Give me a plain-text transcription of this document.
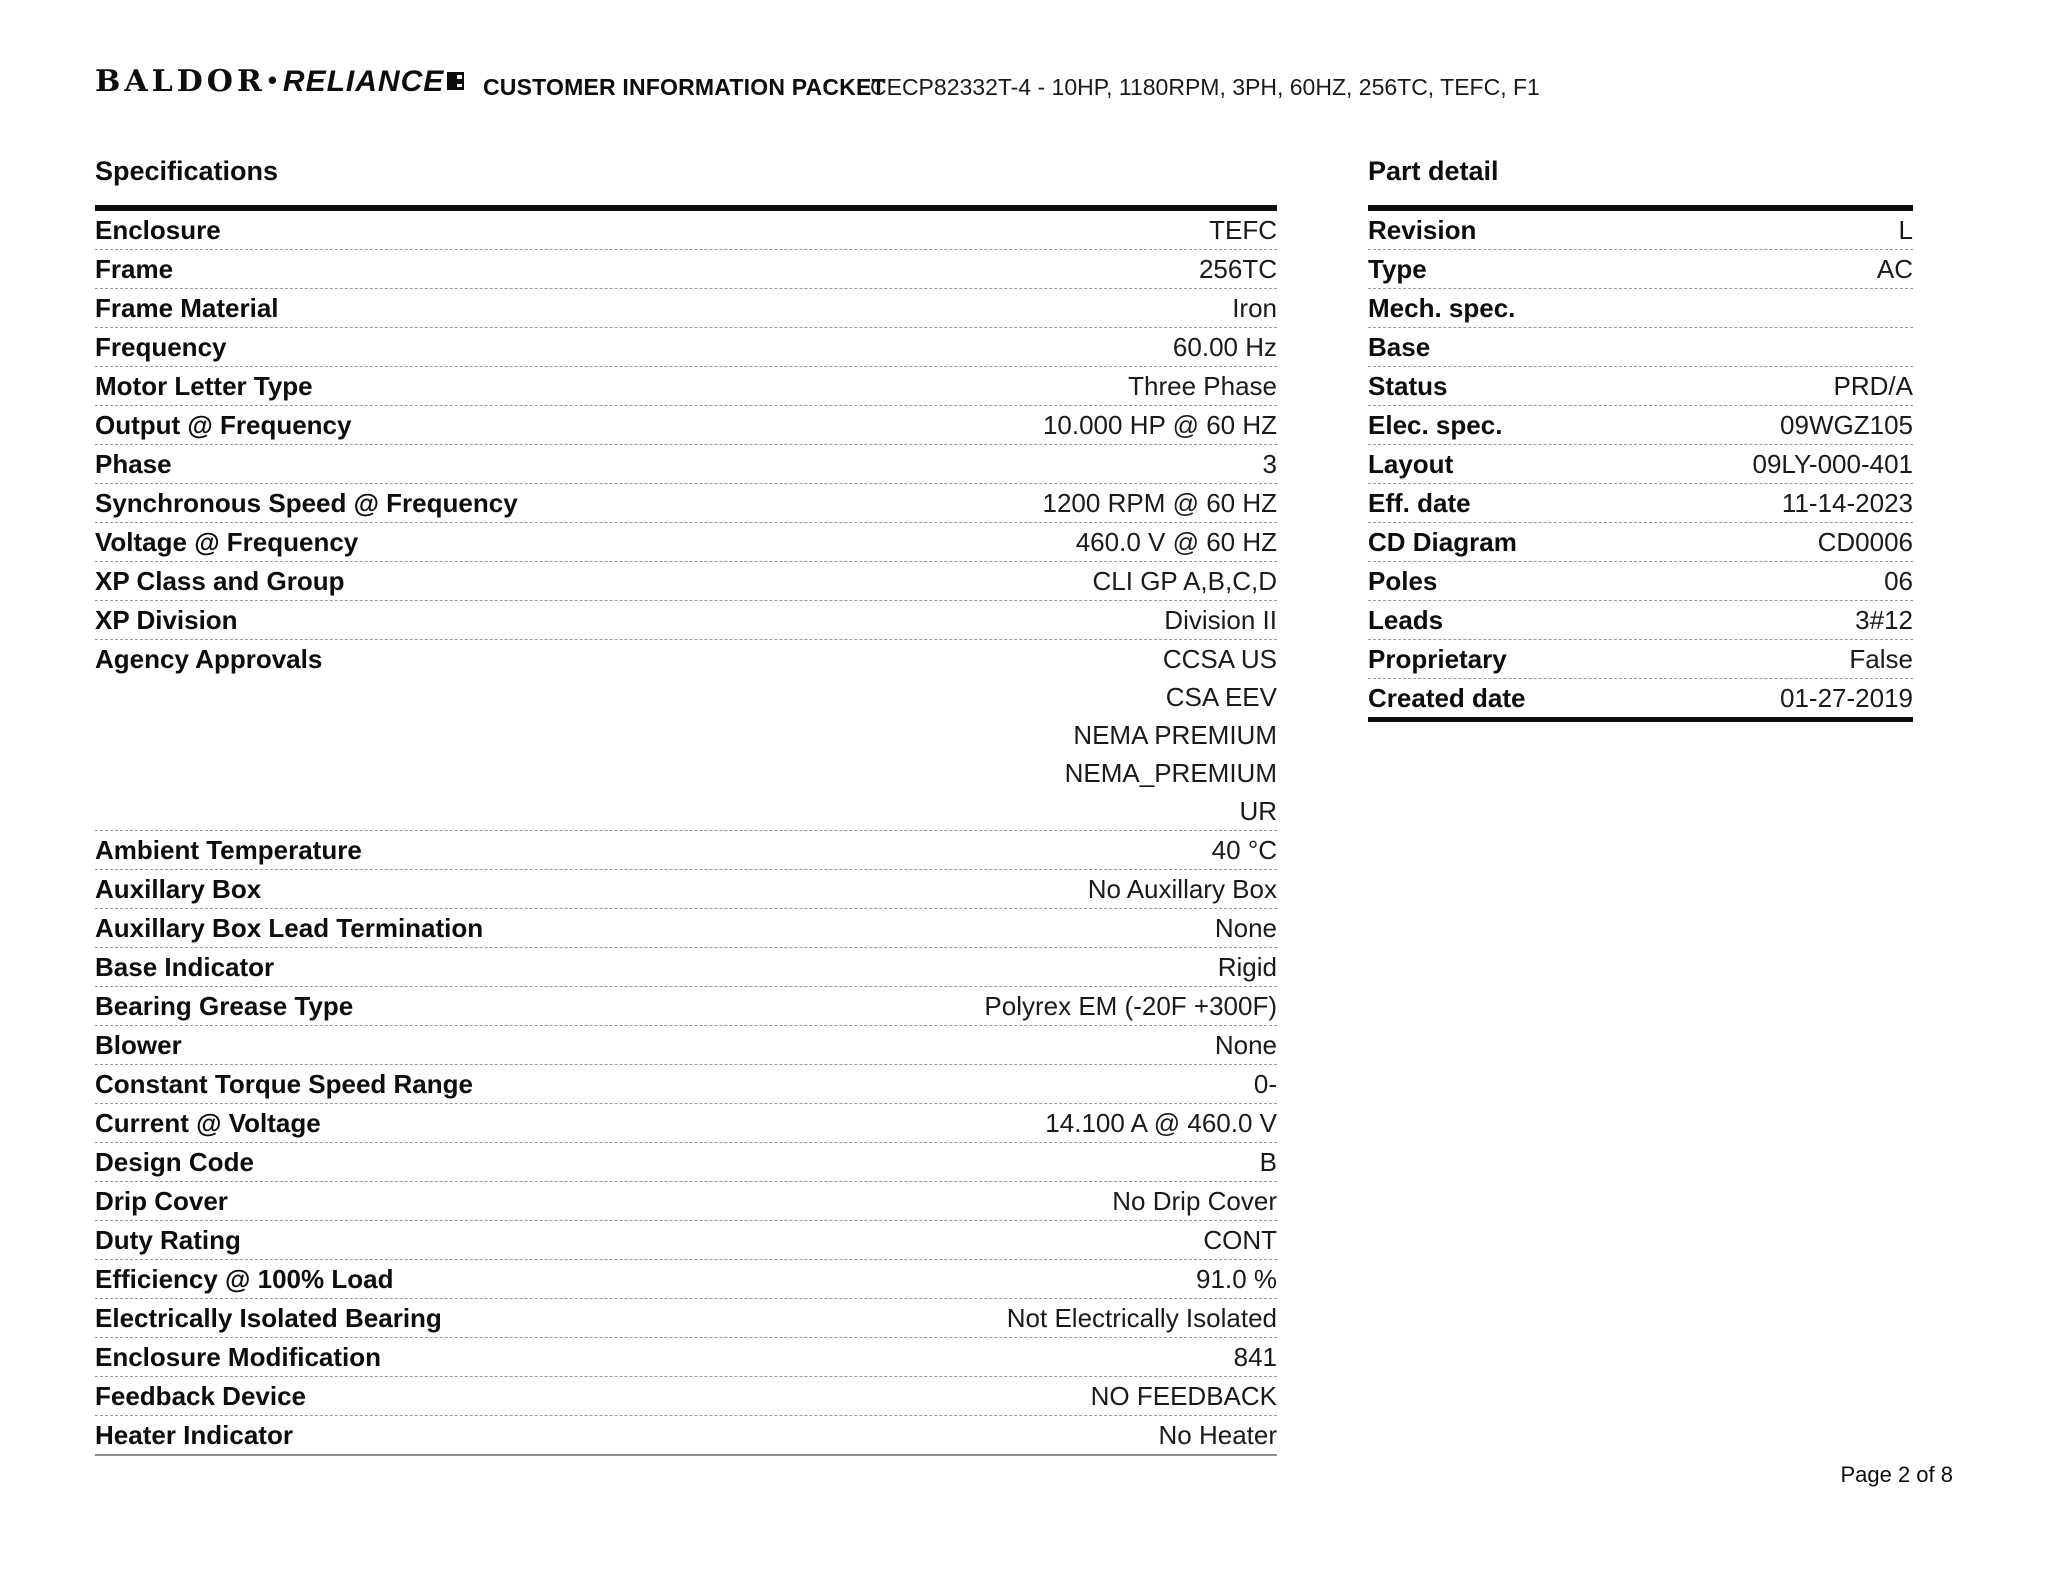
BALDOR• RELIANCE	CUSTOMER INFORMATION PACKET
CECP82332T-4 - 10HP, 1180RPM, 3PH, 60HZ, 256TC, TEFC, F1
Specifications	Part detail
Enclosure	TEFC
Frame	256TC
Frame Material	Iron
Frequency	60.00 Hz
Motor Letter Type	Three Phase
Output @ Frequency	10.000 HP @ 60 HZ
Phase	3
Synchronous Speed @ Frequency	1200 RPM @ 60 HZ
Voltage @ Frequency	460.0 V @ 60 HZ
XP Class and Group	CLI GP A,B,C,D
XP Division	Division II
Agency Approvals	CCSA US
CSA EEV
NEMA PREMIUM
NEMA_PREMIUM
UR
Ambient Temperature	40 °C
Auxillary Box	No Auxillary Box
Auxillary Box Lead Termination	None
Base Indicator	Rigid
Bearing Grease Type	Polyrex EM (-20F +300F)
Blower	None
Constant Torque Speed Range	0-
Current @ Voltage	14.100 A @ 460.0 V
Design Code	B
Drip Cover	No Drip Cover
Duty Rating	CONT
Efficiency @ 100% Load	91.0 %
Electrically Isolated Bearing	Not Electrically Isolated
Enclosure Modification	841
Feedback Device	NO FEEDBACK
Heater Indicator	No Heater
Revision	L
Type	AC
Mech. spec.
Base
Status	PRD/A
Elec. spec.	09WGZ105
Layout	09LY-000-401
Eff. date	11-14-2023
CD Diagram	CD0006
Poles	06
Leads	3#12
Proprietary	False
Created date	01-27-2019
Page 2 of 8
